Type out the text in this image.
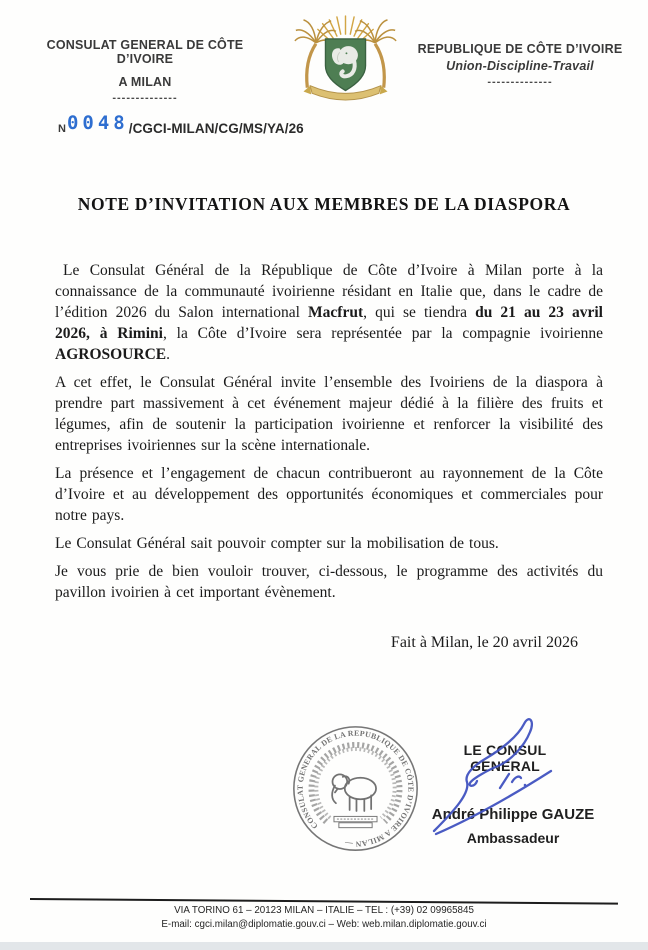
CONSULAT GENERAL DE CÔTE D’IVOIRE
A MILAN
--------------
REPUBLIQUE DE CÔTE D’IVOIRE
Union-Discipline-Travail
--------------
N 0048 /CGCI-MILAN/CG/MS/YA/26
NOTE D’INVITATION AUX MEMBRES DE LA DIASPORA

Le Consulat Général de la République de Côte d’Ivoire à Milan porte à la connaissance de la communauté ivoirienne résidant en Italie que, dans le cadre de l’édition 2026 du Salon international Macfrut, qui se tiendra du 21 au 23 avril 2026, à Rimini, la Côte d’Ivoire sera représentée par la compagnie ivoirienne AGROSOURCE.

A cet effet, le Consulat Général invite l’ensemble des Ivoiriens de la diaspora à prendre part massivement à cet événement majeur dédié à la filière des fruits et légumes, afin de soutenir la participation ivoirienne et renforcer la visibilité des entreprises ivoiriennes sur la scène internationale.

La présence et l’engagement de chacun contribueront au rayonnement de la Côte d’Ivoire et au développement des opportunités économiques et commerciales pour notre pays.

Le Consulat Général sait pouvoir compter sur la mobilisation de tous.

Je vous prie de bien vouloir trouver, ci-dessous, le programme des activités du pavillon ivoirien à cet important évènement.

Fait à Milan, le 20 avril 2026
CONSULAT GENERAL DE LA REPUBLIQUE DE CÔTE D’IVOIRE A MILAN —
LE CONSUL GENERAL
André Philippe GAUZE
Ambassadeur
VIA TORINO 61 – 20123 MILAN – ITALIE – TEL : (+39) 02 09965845
E-mail: cgci.milan@diplomatie.gouv.ci – Web: web.milan.diplomatie.gouv.ci
